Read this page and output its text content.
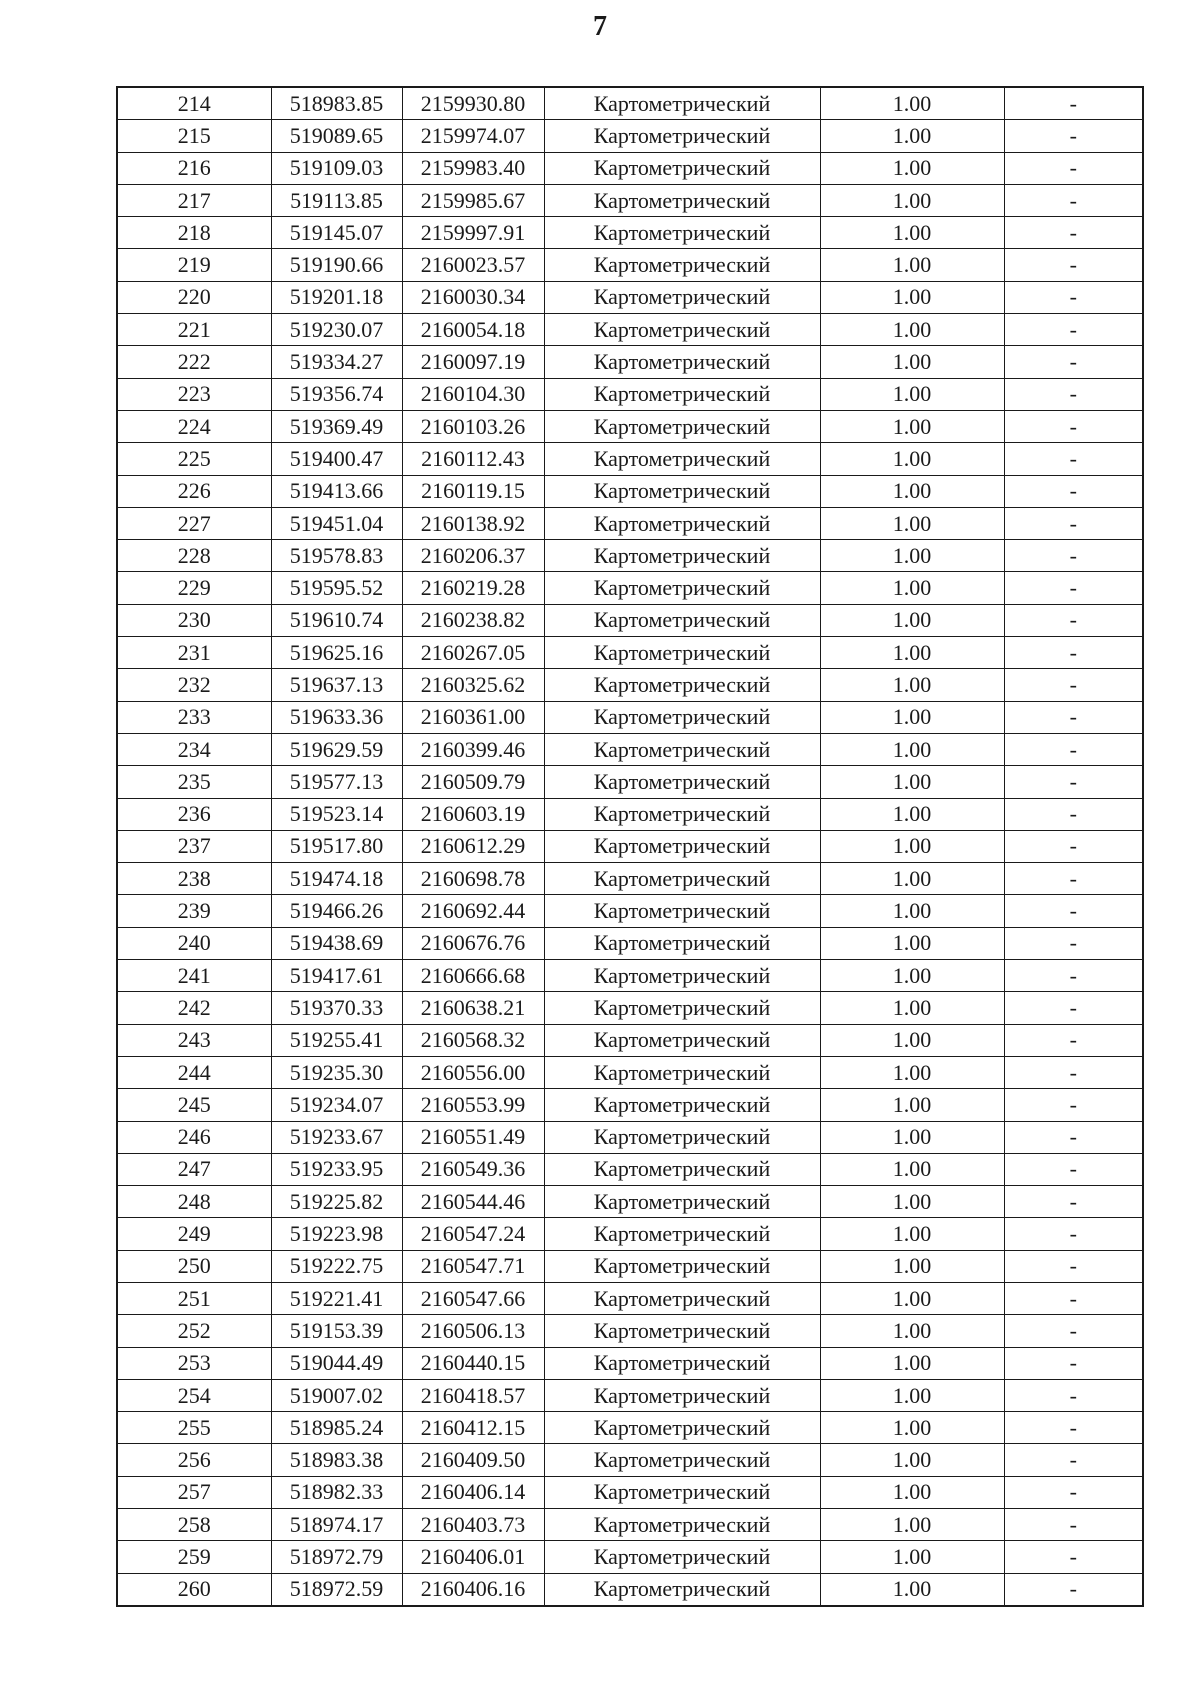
7
214	518983.85	2159930.80	Картометрический	1.00	-
215	519089.65	2159974.07	Картометрический	1.00	-
216	519109.03	2159983.40	Картометрический	1.00	-
217	519113.85	2159985.67	Картометрический	1.00	-
218	519145.07	2159997.91	Картометрический	1.00	-
219	519190.66	2160023.57	Картометрический	1.00	-
220	519201.18	2160030.34	Картометрический	1.00	-
221	519230.07	2160054.18	Картометрический	1.00	-
222	519334.27	2160097.19	Картометрический	1.00	-
223	519356.74	2160104.30	Картометрический	1.00	-
224	519369.49	2160103.26	Картометрический	1.00	-
225	519400.47	2160112.43	Картометрический	1.00	-
226	519413.66	2160119.15	Картометрический	1.00	-
227	519451.04	2160138.92	Картометрический	1.00	-
228	519578.83	2160206.37	Картометрический	1.00	-
229	519595.52	2160219.28	Картометрический	1.00	-
230	519610.74	2160238.82	Картометрический	1.00	-
231	519625.16	2160267.05	Картометрический	1.00	-
232	519637.13	2160325.62	Картометрический	1.00	-
233	519633.36	2160361.00	Картометрический	1.00	-
234	519629.59	2160399.46	Картометрический	1.00	-
235	519577.13	2160509.79	Картометрический	1.00	-
236	519523.14	2160603.19	Картометрический	1.00	-
237	519517.80	2160612.29	Картометрический	1.00	-
238	519474.18	2160698.78	Картометрический	1.00	-
239	519466.26	2160692.44	Картометрический	1.00	-
240	519438.69	2160676.76	Картометрический	1.00	-
241	519417.61	2160666.68	Картометрический	1.00	-
242	519370.33	2160638.21	Картометрический	1.00	-
243	519255.41	2160568.32	Картометрический	1.00	-
244	519235.30	2160556.00	Картометрический	1.00	-
245	519234.07	2160553.99	Картометрический	1.00	-
246	519233.67	2160551.49	Картометрический	1.00	-
247	519233.95	2160549.36	Картометрический	1.00	-
248	519225.82	2160544.46	Картометрический	1.00	-
249	519223.98	2160547.24	Картометрический	1.00	-
250	519222.75	2160547.71	Картометрический	1.00	-
251	519221.41	2160547.66	Картометрический	1.00	-
252	519153.39	2160506.13	Картометрический	1.00	-
253	519044.49	2160440.15	Картометрический	1.00	-
254	519007.02	2160418.57	Картометрический	1.00	-
255	518985.24	2160412.15	Картометрический	1.00	-
256	518983.38	2160409.50	Картометрический	1.00	-
257	518982.33	2160406.14	Картометрический	1.00	-
258	518974.17	2160403.73	Картометрический	1.00	-
259	518972.79	2160406.01	Картометрический	1.00	-
260	518972.59	2160406.16	Картометрический	1.00	-
